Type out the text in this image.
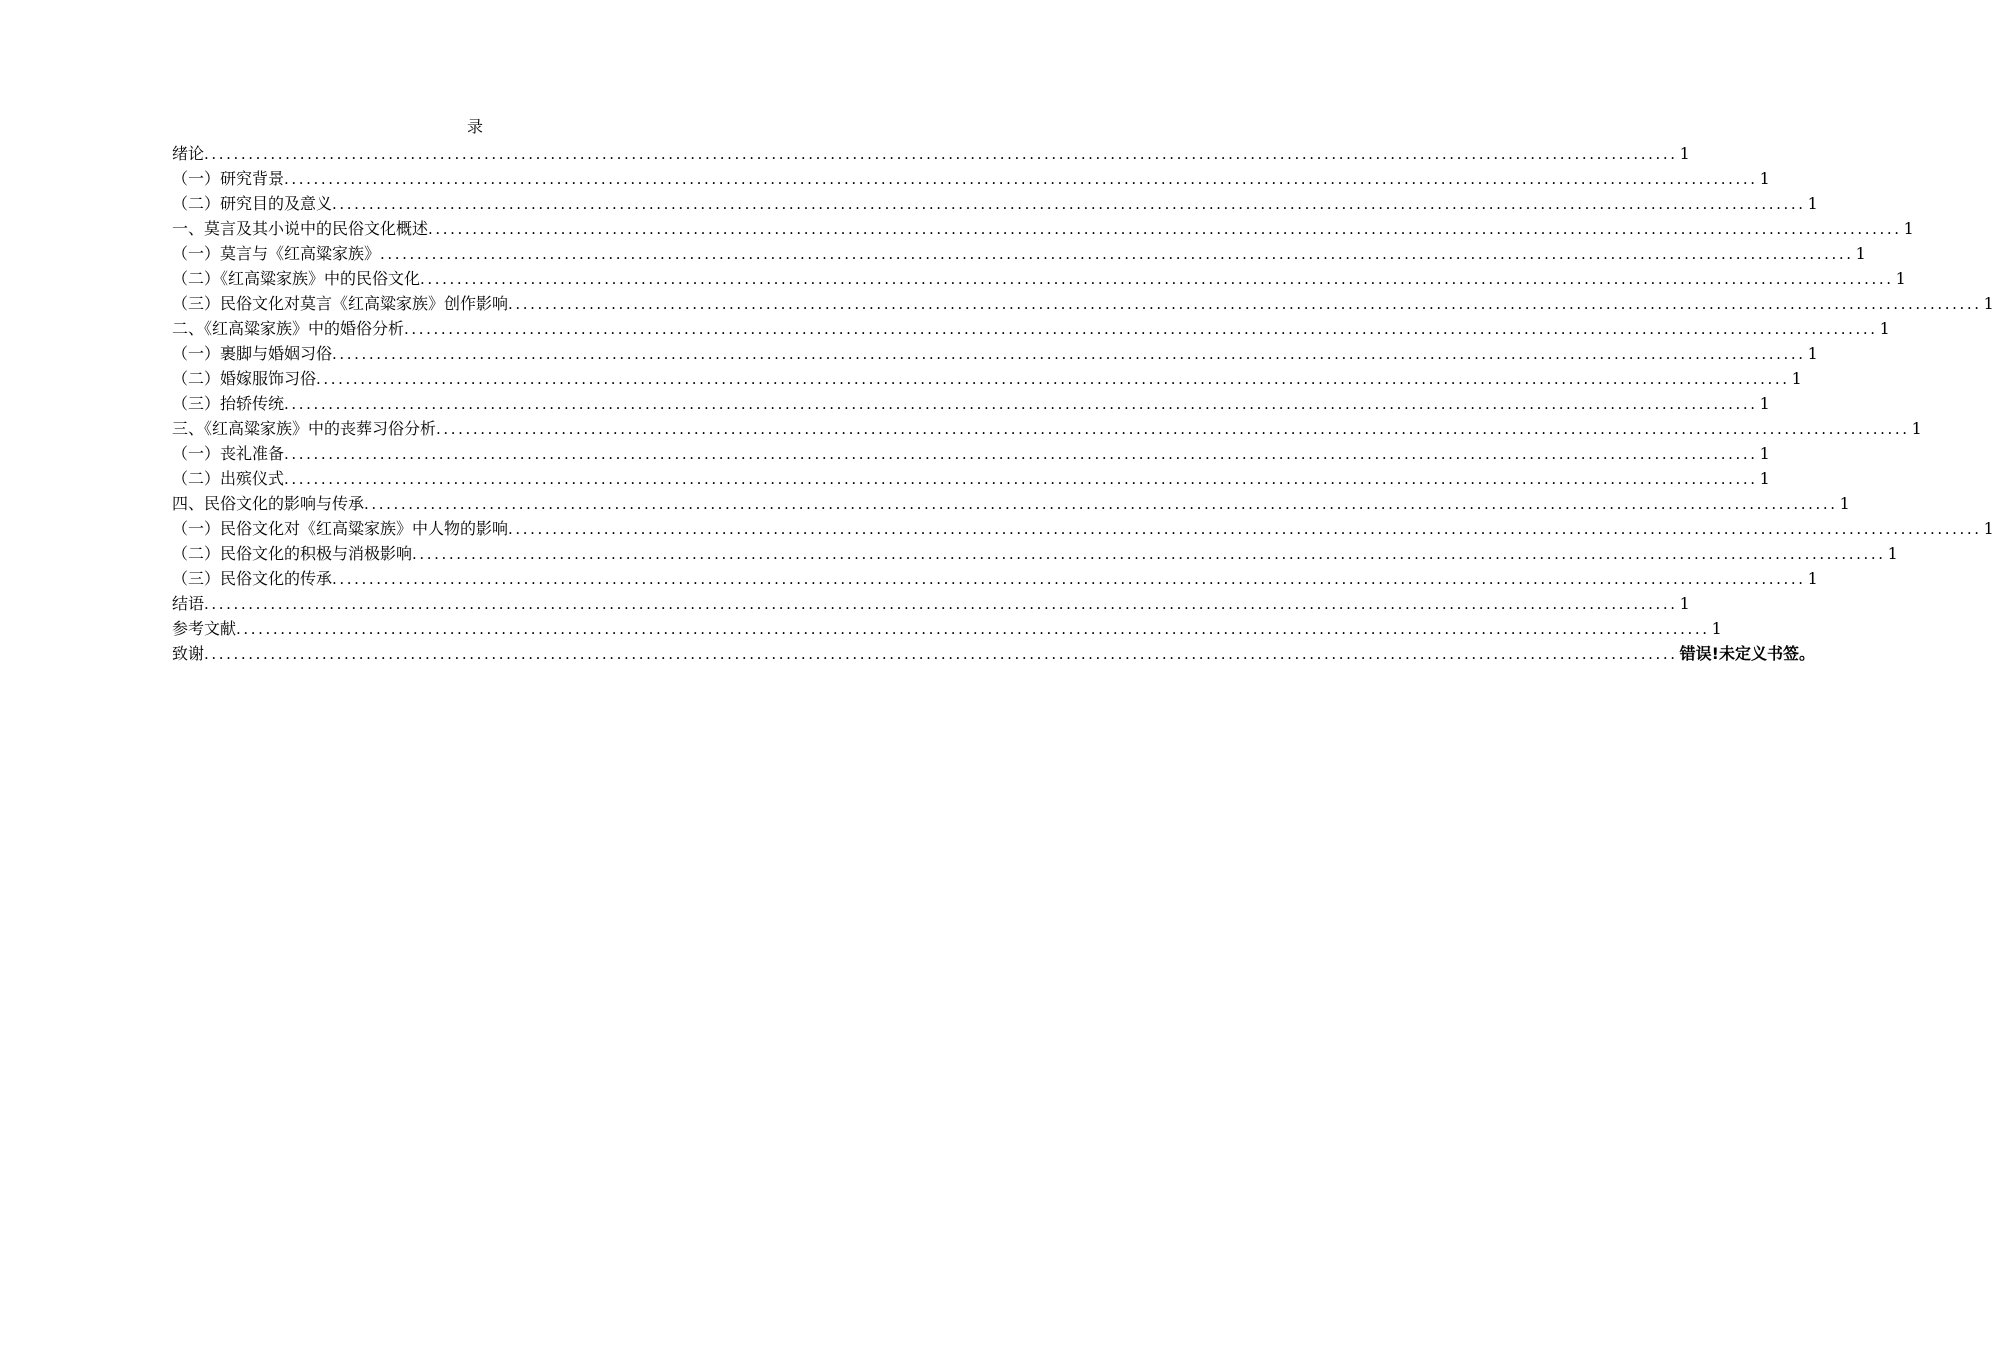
录
绪论 ........................................................................................................................................................................................................ 1
（一）研究背景 ........................................................................................................................................................................................................ 1
（二）研究目的及意义 ........................................................................................................................................................................................................ 1
一、莫言及其小说中的民俗文化概述 ........................................................................................................................................................................................................ 1
（一）莫言与《红高粱家族》 ........................................................................................................................................................................................................ 1
（二）《红高粱家族》中的民俗文化 ........................................................................................................................................................................................................ 1
（三）民俗文化对莫言《红高粱家族》创作影响 ........................................................................................................................................................................................................ 1
二、《红高粱家族》中的婚俗分析 ........................................................................................................................................................................................................ 1
（一）裹脚与婚姻习俗 ........................................................................................................................................................................................................ 1
（二）婚嫁服饰习俗 ........................................................................................................................................................................................................ 1
（三）抬轿传统 ........................................................................................................................................................................................................ 1
三、《红高粱家族》中的丧葬习俗分析 ........................................................................................................................................................................................................ 1
（一）丧礼准备 ........................................................................................................................................................................................................ 1
（二）出殡仪式 ........................................................................................................................................................................................................ 1
四、民俗文化的影响与传承 ........................................................................................................................................................................................................ 1
（一）民俗文化对《红高粱家族》中人物的影响 ........................................................................................................................................................................................................ 1
（二）民俗文化的积极与消极影响 ........................................................................................................................................................................................................ 1
（三）民俗文化的传承 ........................................................................................................................................................................................................ 1
结语 ........................................................................................................................................................................................................ 1
参考文献 ........................................................................................................................................................................................................ 1
致谢 ........................................................................................................................................................................................................ 错误!未定义书签。
